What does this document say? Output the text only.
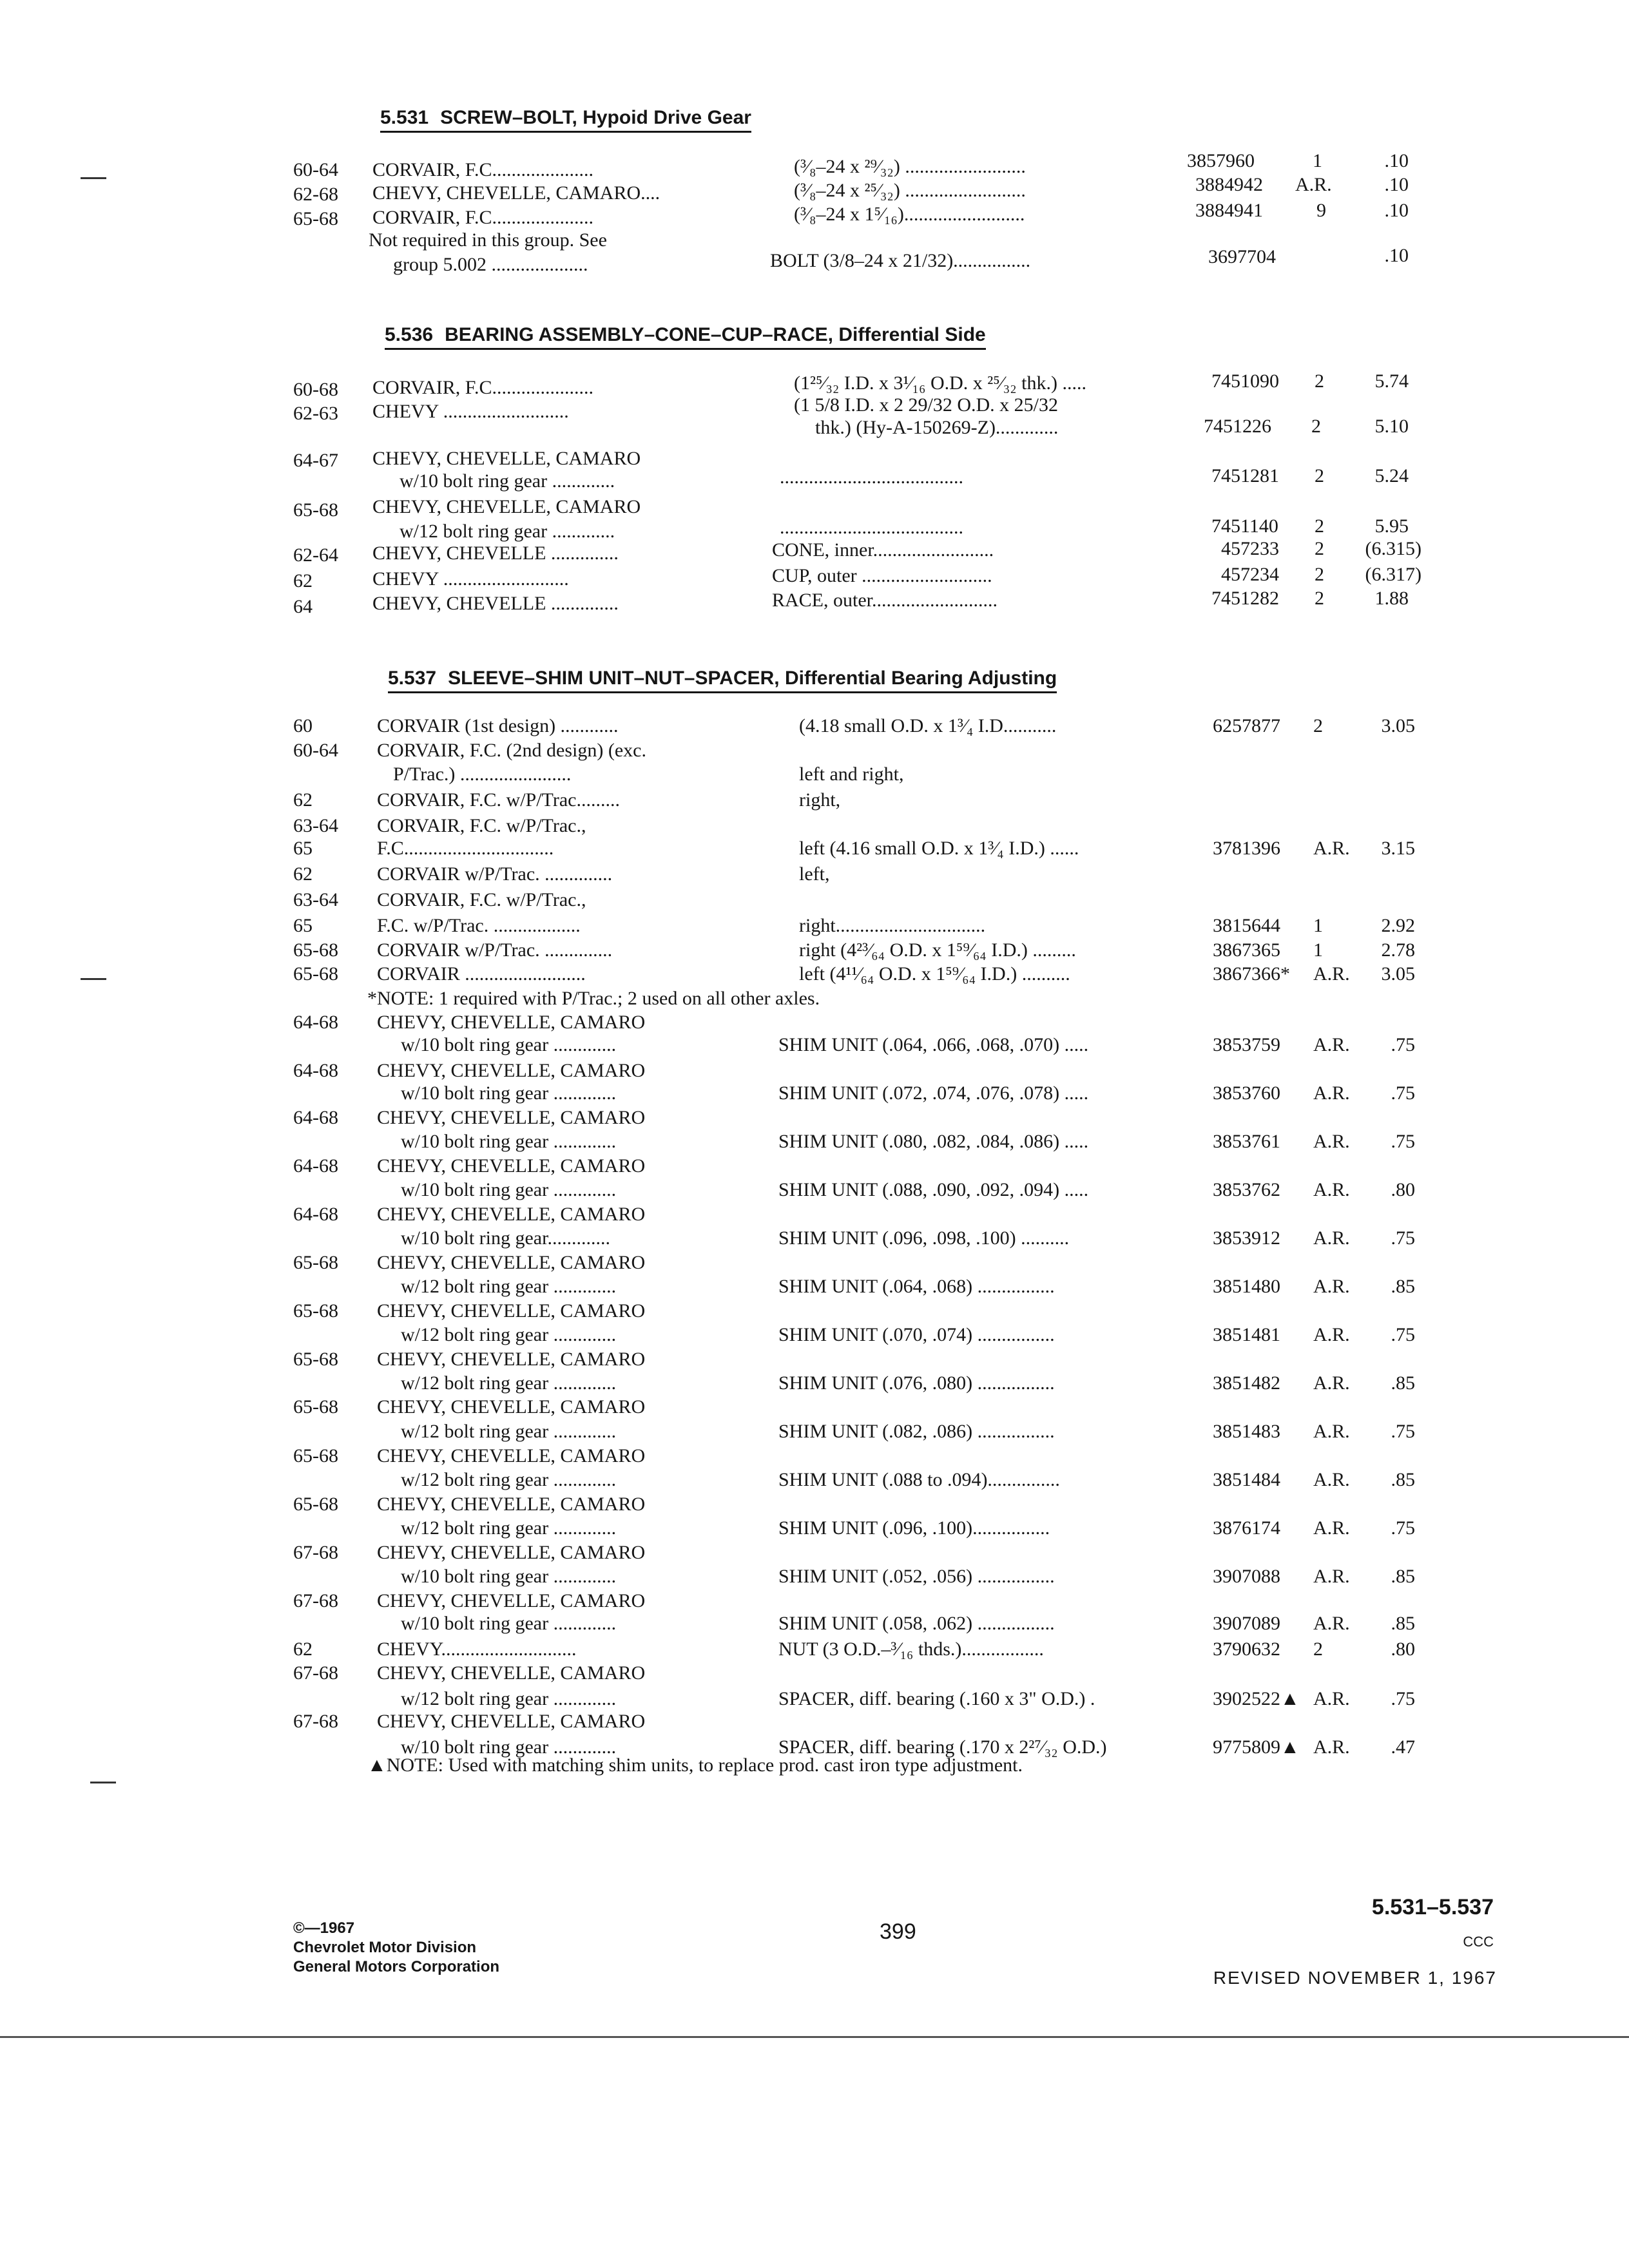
5.531 SCREW–BOLT, Hypoid Drive Gear
60-64 CORVAIR, F.C.....................	(³⁄₈–24 x ²⁹⁄₃₂) .........................	3857960	1	.10
62-68 CHEVY, CHEVELLE, CAMARO....	(³⁄₈–24 x ²⁵⁄₃₂) .........................	3884942 A.R.	.10
65-68 CORVAIR, F.C.....................	(³⁄₈–24 x 1⁵⁄₁₆).........................	3884941	9	.10
Not required in this group. See
group 5.002 ....................	BOLT (3/8–24 x 21/32)................	3697704	.10
5.536 BEARING ASSEMBLY–CONE–CUP–RACE, Differential Side
60-68 CORVAIR, F.C.....................	(1²⁵⁄₃₂ I.D. x 3¹⁄₁₆ O.D. x ²⁵⁄₃₂ thk.) .....	7451090 2	5.74
62-63 CHEVY ..........................	(1 5/8 I.D. x 2 29/32 O.D. x 25/32
thk.) (Hy-A-150269-Z).............	7451226 2	5.10
64-67 CHEVY, CHEVELLE, CAMARO
w/10 bolt ring gear .............	......................................	7451281 2	5.24
65-68 CHEVY, CHEVELLE, CAMARO
w/12 bolt ring gear .............	......................................	7451140 2	5.95
62-64 CHEVY, CHEVELLE ..............	CONE, inner.........................	457233 2 (6.315)
62	CHEVY ..........................	CUP, outer ...........................	457234 2 (6.317)
64	CHEVY, CHEVELLE ..............	RACE, outer..........................	7451282 2	1.88
5.537 SLEEVE–SHIM UNIT–NUT–SPACER, Differential Bearing Adjusting
60	CORVAIR (1st design) ............	(4.18 small O.D. x 1³⁄₄ I.D...........	6257877 2	3.05
60-64 CORVAIR, F.C. (2nd design) (exc.
P/Trac.) .......................	left and right,
62	CORVAIR, F.C. w/P/Trac.........	right,
63-64 CORVAIR, F.C. w/P/Trac.,
65	F.C...............................	left (4.16 small O.D. x 1³⁄₄ I.D.) ......	3781396 A.R. 3.15
62	CORVAIR w/P/Trac. ..............	left,
63-64 CORVAIR, F.C. w/P/Trac.,
65	F.C. w/P/Trac. ..................	right...............................	3815644 1	2.92
65-68 CORVAIR w/P/Trac. ..............	right (4²³⁄₆₄ O.D. x 1⁵⁹⁄₆₄ I.D.) .........	3867365 1	2.78
65-68 CORVAIR .........................	left (4¹¹⁄₆₄ O.D. x 1⁵⁹⁄₆₄ I.D.) ..........	3867366* A.R. 3.05
*NOTE: 1 required with P/Trac.; 2 used on all other axles.
64-68 CHEVY, CHEVELLE, CAMARO
w/10 bolt ring gear .............	SHIM UNIT (.064, .066, .068, .070) .....	3853759 A.R. .75
64-68 CHEVY, CHEVELLE, CAMARO
w/10 bolt ring gear .............	SHIM UNIT (.072, .074, .076, .078) .....	3853760 A.R. .75
64-68 CHEVY, CHEVELLE, CAMARO
w/10 bolt ring gear .............	SHIM UNIT (.080, .082, .084, .086) .....	3853761 A.R. .75
64-68 CHEVY, CHEVELLE, CAMARO
w/10 bolt ring gear .............	SHIM UNIT (.088, .090, .092, .094) .....	3853762 A.R. .80
64-68 CHEVY, CHEVELLE, CAMARO
w/10 bolt ring gear.............	SHIM UNIT (.096, .098, .100) ..........	3853912 A.R. .75
65-68 CHEVY, CHEVELLE, CAMARO
w/12 bolt ring gear .............	SHIM UNIT (.064, .068) ................	3851480 A.R. .85
65-68 CHEVY, CHEVELLE, CAMARO
w/12 bolt ring gear .............	SHIM UNIT (.070, .074) ................	3851481 A.R. .75
65-68 CHEVY, CHEVELLE, CAMARO
w/12 bolt ring gear .............	SHIM UNIT (.076, .080) ................	3851482 A.R. .85
65-68 CHEVY, CHEVELLE, CAMARO
w/12 bolt ring gear .............	SHIM UNIT (.082, .086) ................	3851483 A.R. .75
65-68 CHEVY, CHEVELLE, CAMARO
w/12 bolt ring gear .............	SHIM UNIT (.088 to .094)...............	3851484 A.R. .85
65-68 CHEVY, CHEVELLE, CAMARO
w/12 bolt ring gear .............	SHIM UNIT (.096, .100)................	3876174 A.R. .75
67-68 CHEVY, CHEVELLE, CAMARO
w/10 bolt ring gear .............	SHIM UNIT (.052, .056) ................	3907088 A.R. .85
67-68 CHEVY, CHEVELLE, CAMARO
w/10 bolt ring gear .............	SHIM UNIT (.058, .062) ................	3907089 A.R. .85
62	CHEVY............................	NUT (3 O.D.–³⁄₁₆ thds.).................	3790632 2	.80
67-68 CHEVY, CHEVELLE, CAMARO
w/12 bolt ring gear .............	SPACER, diff. bearing (.160 x 3" O.D.) .	3902522▲ A.R. .75
67-68 CHEVY, CHEVELLE, CAMARO
w/10 bolt ring gear .............	SPACER, diff. bearing (.170 x 2²⁷⁄₃₂ O.D.)	9775809▲ A.R. .47
▲NOTE: Used with matching shim units, to replace prod. cast iron type adjustment.
©—1967
Chevrolet Motor Division
General Motors Corporation
399
5.531–5.537
CCC
REVISED NOVEMBER 1, 1967
